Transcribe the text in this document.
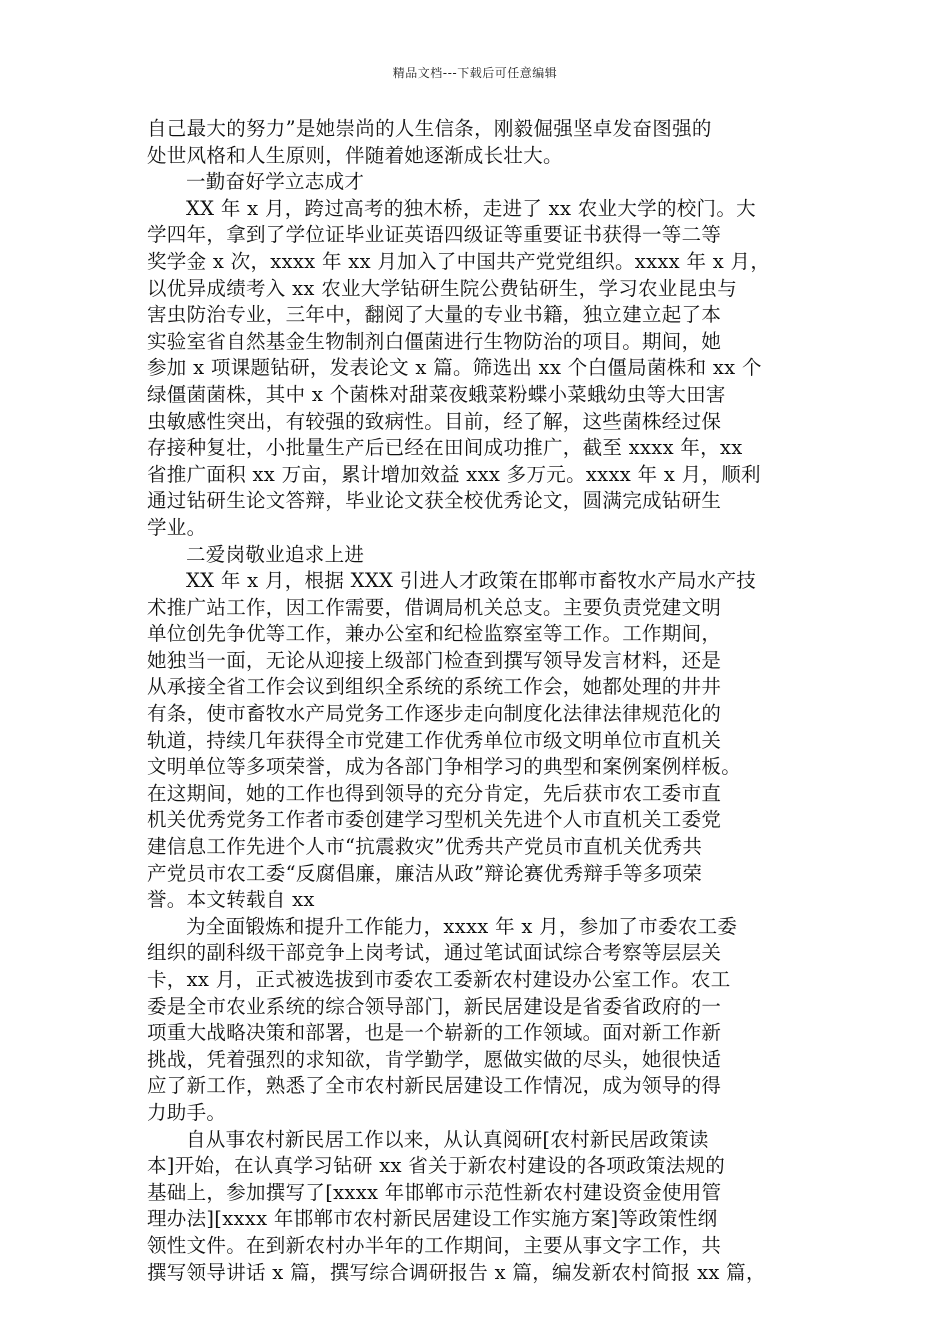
精品文档---下载后可任意编辑
自己最大的努力”是她崇尚的人生信条，刚毅倔强坚卓发奋图强的
处世风格和人生原则，伴随着她逐渐成长壮大。
一勤奋好学立志成才
XX 年 x 月，跨过高考的独木桥，走进了 xx 农业大学的校门。大
学四年，拿到了学位证毕业证英语四级证等重要证书获得一等二等
奖学金 x 次，xxxx 年 xx 月加入了中国共产党党组织。xxxx 年 x 月，
以优异成绩考入 xx 农业大学钻研生院公费钻研生，学习农业昆虫与
害虫防治专业，三年中，翻阅了大量的专业书籍，独立建立起了本
实验室省自然基金生物制剂白僵菌进行生物防治的项目。期间，她
参加 x 项课题钻研，发表论文 x 篇。筛选出 xx 个白僵局菌株和 xx 个
绿僵菌菌株，其中 x 个菌株对甜菜夜蛾菜粉蝶小菜蛾幼虫等大田害
虫敏感性突出，有较强的致病性。目前，经了解，这些菌株经过保
存接种复壮，小批量生产后已经在田间成功推广，截至 xxxx 年，xx
省推广面积 xx 万亩，累计增加效益 xxx 多万元。xxxx 年 x 月，顺利
通过钻研生论文答辩，毕业论文获全校优秀论文，圆满完成钻研生
学业。
二爱岗敬业追求上进
XX 年 x 月，根据 XXX 引进人才政策在邯郸市畜牧水产局水产技
术推广站工作，因工作需要，借调局机关总支。主要负责党建文明
单位创先争优等工作，兼办公室和纪检监察室等工作。工作期间，
她独当一面，无论从迎接上级部门检查到撰写领导发言材料，还是
从承接全省工作会议到组织全系统的系统工作会，她都处理的井井
有条，使市畜牧水产局党务工作逐步走向制度化法律法律规范化的
轨道，持续几年获得全市党建工作优秀单位市级文明单位市直机关
文明单位等多项荣誉，成为各部门争相学习的典型和案例案例样板。
在这期间，她的工作也得到领导的充分肯定，先后获市农工委市直
机关优秀党务工作者市委创建学习型机关先进个人市直机关工委党
建信息工作先进个人市“抗震救灾”优秀共产党员市直机关优秀共
产党员市农工委“反腐倡廉，廉洁从政”辩论赛优秀辩手等多项荣
誉。本文转载自 xx
为全面锻炼和提升工作能力，xxxx 年 x 月，参加了市委农工委
组织的副科级干部竞争上岗考试，通过笔试面试综合考察等层层关
卡，xx 月，正式被选拔到市委农工委新农村建设办公室工作。农工
委是全市农业系统的综合领导部门，新民居建设是省委省政府的一
项重大战略决策和部署，也是一个崭新的工作领域。面对新工作新
挑战，凭着强烈的求知欲，肯学勤学，愿做实做的尽头，她很快适
应了新工作，熟悉了全市农村新民居建设工作情况，成为领导的得
力助手。
自从事农村新民居工作以来，从认真阅研[农村新民居政策读
本]开始，在认真学习钻研 xx 省关于新农村建设的各项政策法规的
基础上，参加撰写了[xxxx 年邯郸市示范性新农村建设资金使用管
理办法][xxxx 年邯郸市农村新民居建设工作实施方案]等政策性纲
领性文件。在到新农村办半年的工作期间，主要从事文字工作，共
撰写领导讲话 x 篇，撰写综合调研报告 x 篇，编发新农村简报 xx 篇，
